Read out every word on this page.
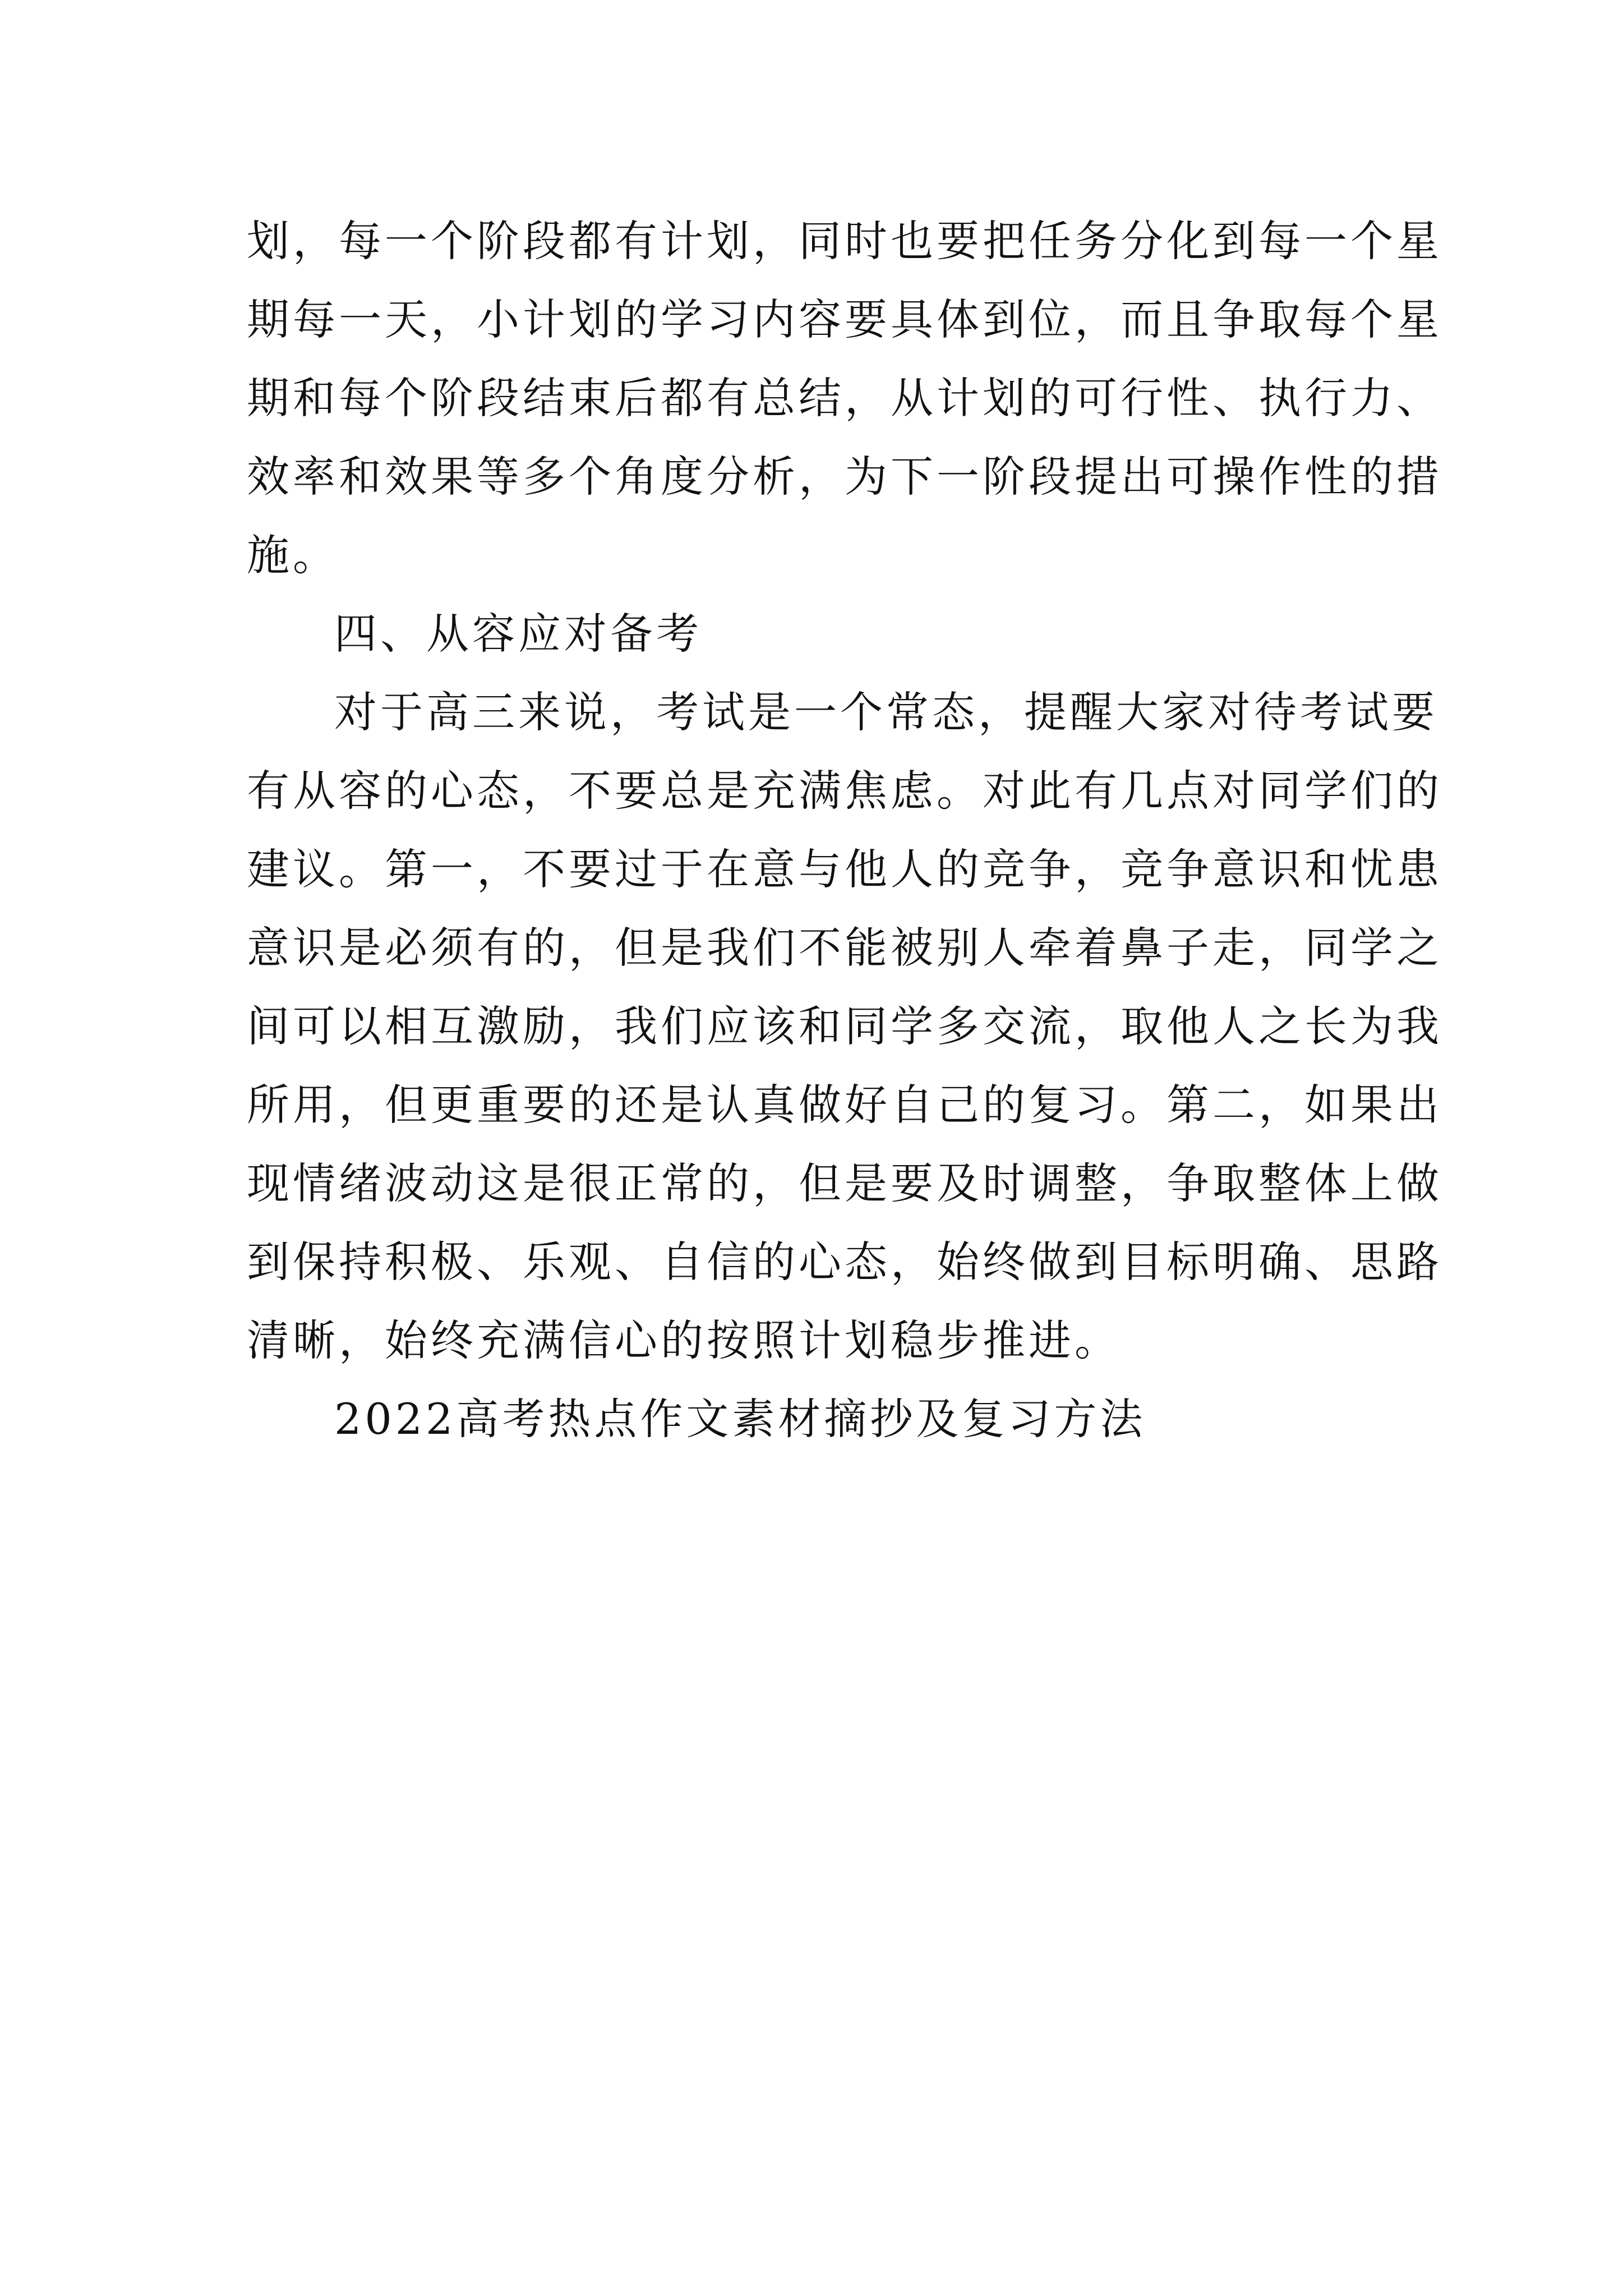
划，每一个阶段都有计划，同时也要把任务分化到每一个星
期每一天，小计划的学习内容要具体到位，而且争取每个星
期和每个阶段结束后都有总结，从计划的可行性、执行力、
效率和效果等多个角度分析，为下一阶段提出可操作性的措
施。
四、从容应对备考
对于高三来说，考试是一个常态，提醒大家对待考试要
有从容的心态，不要总是充满焦虑。对此有几点对同学们的
建议。第一，不要过于在意与他人的竞争，竞争意识和忧患
意识是必须有的，但是我们不能被别人牵着鼻子走，同学之
间可以相互激励，我们应该和同学多交流，取他人之长为我
所用，但更重要的还是认真做好自己的复习。第二，如果出
现情绪波动这是很正常的，但是要及时调整，争取整体上做
到保持积极、乐观、自信的心态，始终做到目标明确、思路
清晰，始终充满信心的按照计划稳步推进。
2022高考热点作文素材摘抄及复习方法
